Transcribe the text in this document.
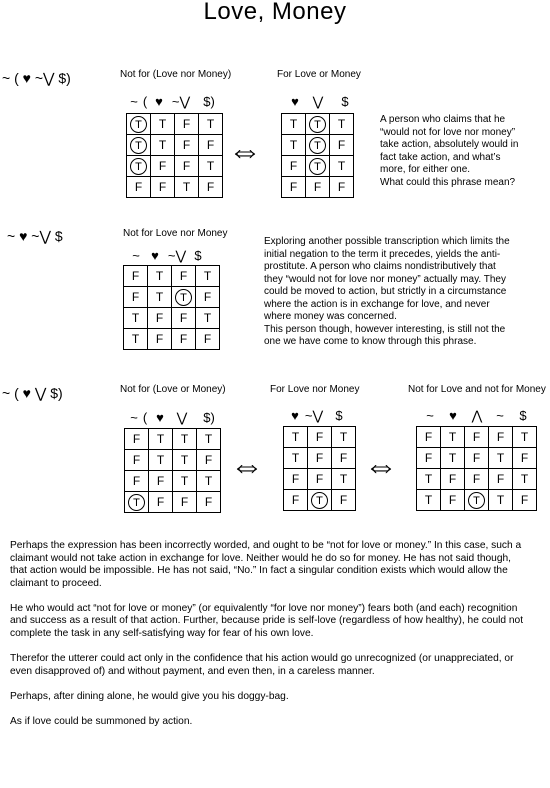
Love, Money
~ ( ♥ ~⋁ $)	Not for (Love nor Money)
~ ( ♥ ~⋁ $)
T	T	F	T
T	T	F	F
T	F	F	T
F	F	T	F
⇔
For Love or Money
♥ ⋁ $
T	T	T
T	T	F
F	T	T
F	F	F
A person who claims that he
“would not for love nor money”
take action, absolutely would in
fact take action, and what’s
more, for either one.
What could this phrase mean?
~ ♥ ~⋁ $	Not for Love nor Money
~ ♥ ~⋁ $
F	T	F	T
F	T	T	F
T	F	F	T
T	F	F	F
Exploring another possible transcription which limits the
initial negation to the term it precedes, yields the anti-
prostitute. A person who claims nondistributively that
they “would not for love nor money” actually may. They
could be moved to action, but strictly in a circumstance
where the action is in exchange for love, and never
where money was concerned.
This person though, however interesting, is still not the
one we have come to know through this phrase.
~ ( ♥ ⋁ $)	Not for (Love or Money)
~ ( ♥ ⋁ $)
F	T	T	T
F	T	T	F
F	F	T	T
T	F	F	F
⇔
For Love nor Money
♥ ~⋁ $
T	F	T
T	F	F
F	F	T
F	T	F
⇔
Not for Love and not for Money
~ ♥ ⋀ ~ $
F	T	F	F	T
F	T	F	T	F
T	F	F	F	T
T	F	T	T	F

Perhaps the expression has been incorrectly worded, and ought to be “not for love or money.” In this case, such a claimant would not take action in exchange for love. Neither would he do so for money. He has not said though, that action would be impossible. He has not said, “No.” In fact a singular condition exists which would allow the claimant to proceed.

He who would act “not for love or money” (or equivalently “for love nor money”) fears both (and each) recognition and success as a result of that action. Further, because pride is self-love (regardless of how healthy), he could not complete the task in any self-satisfying way for fear of his own love.

Therefor the utterer could act only in the confidence that his action would go unrecognized (or unappreciated, or even disapproved of) and without payment, and even then, in a careless manner.

Perhaps, after dining alone, he would give you his doggy-bag.

As if love could be summoned by action.
